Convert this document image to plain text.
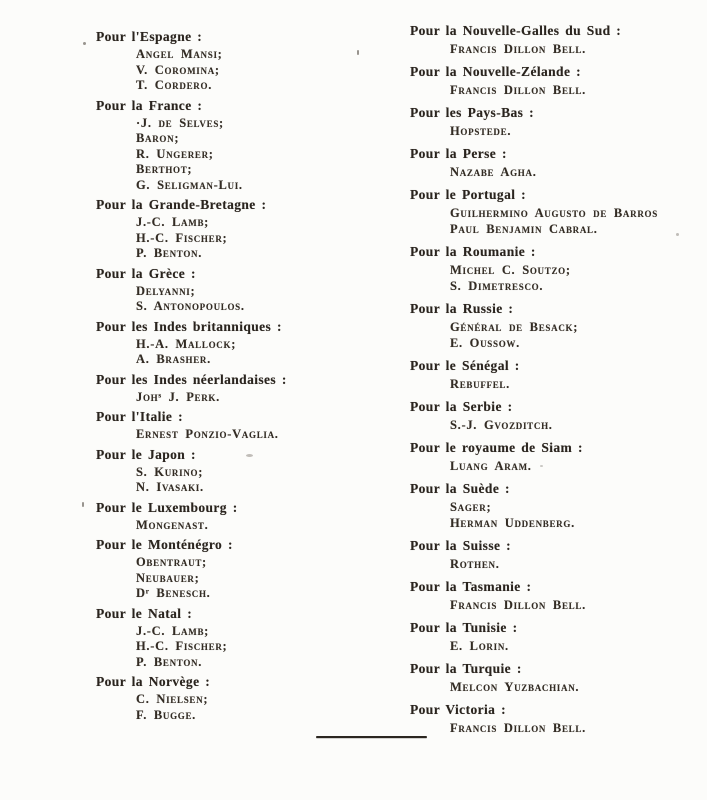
Pour l'Espagne :
Angel Mansi;
V. Coromina;
T. Cordero.
Pour la France :
·J. de Selves;
Baron;
R. Ungerer;
Berthot;
G. Seligman-Lui.
Pour la Grande-Bretagne :
J.-C. Lamb;
H.-C. Fischer;
P. Benton.
Pour la Grèce :
Delyanni;
S. Antonopoulos.
Pour les Indes britanniques :
H.-A. Mallock;
A. Brasher.
Pour les Indes néerlandaises :
Johˢ J. Perk.
Pour l'Italie :
Ernest Ponzio-Vaglia.
Pour le Japon :
S. Kurino;
N. Ivasaki.
Pour le Luxembourg :
Mongenast.
Pour le Monténégro :
Obentraut;
Neubauer;
Dʳ Benesch.
Pour le Natal :
J.-C. Lamb;
H.-C. Fischer;
P. Benton.
Pour la Norvège :
C. Nielsen;
F. Bugge.
Pour la Nouvelle-Galles du Sud :
Francis Dillon Bell.
Pour la Nouvelle-Zélande :
Francis Dillon Bell.
Pour les Pays-Bas :
Hopstede.
Pour la Perse :
Nazabe Agha.
Pour le Portugal :
Guilhermino Augusto de Barros
Paul Benjamin Cabral.
Pour la Roumanie :
Michel C. Soutzo;
S. Dimetresco.
Pour la Russie :
Général de Besack;
E. Oussow.
Pour le Sénégal :
Rebuffel.
Pour la Serbie :
S.-J. Gvozditch.
Pour le royaume de Siam :
Luang Aram.
Pour la Suède :
Sager;
Herman Uddenberg.
Pour la Suisse :
Rothen.
Pour la Tasmanie :
Francis Dillon Bell.
Pour la Tunisie :
E. Lorin.
Pour la Turquie :
Melcon Yuzbachian.
Pour Victoria :
Francis Dillon Bell.
